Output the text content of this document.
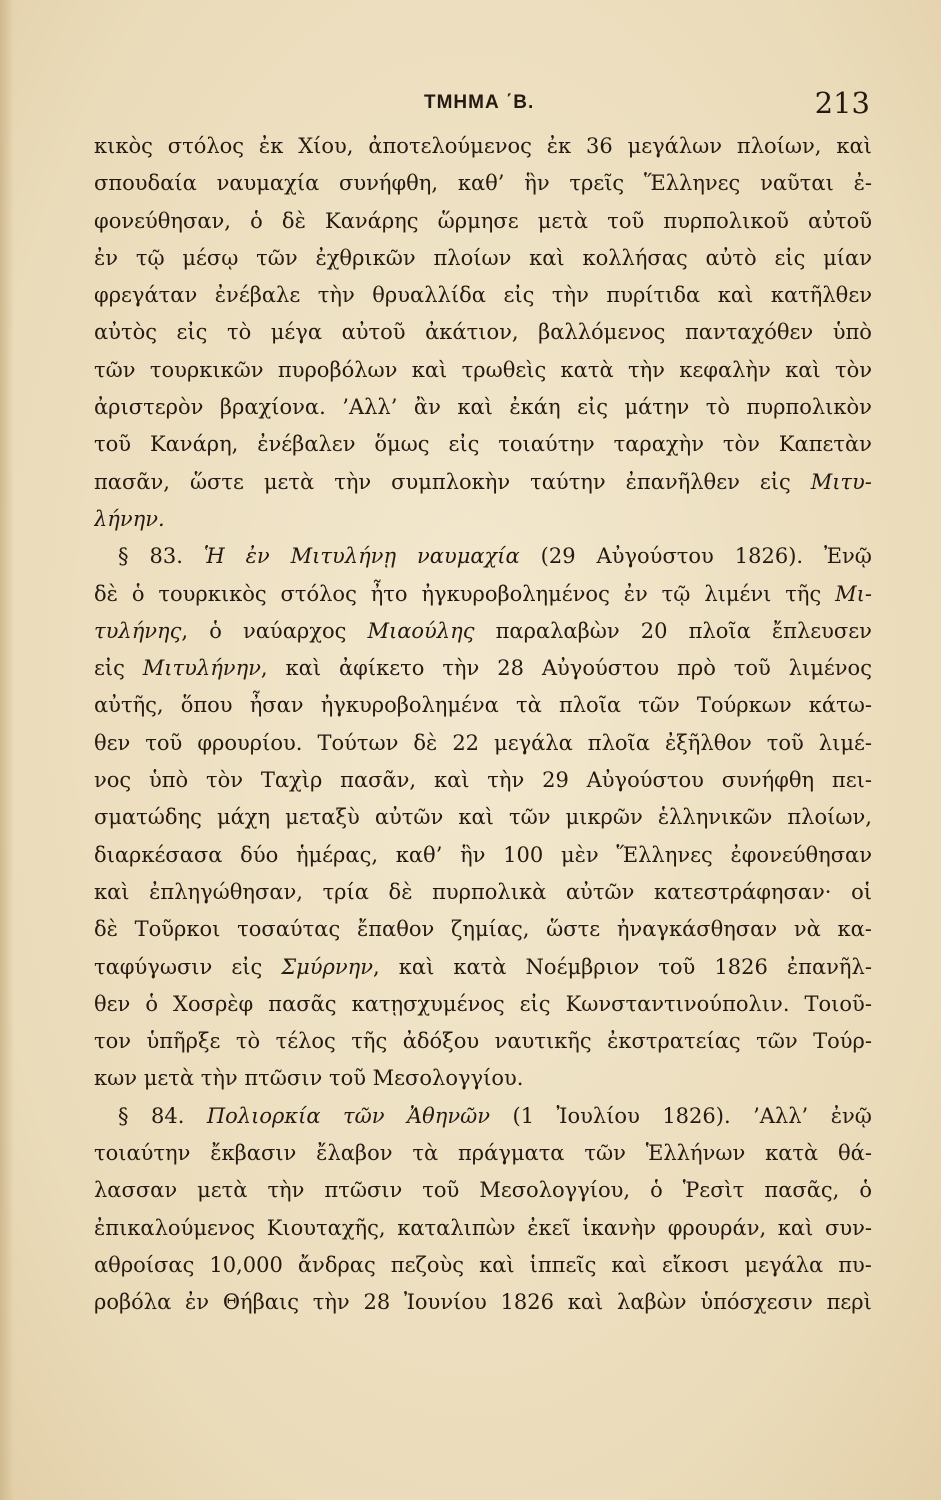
ΤΜΗΜΑ ΄Β.	213
κικὸς στόλος ἐκ Χίου, ἀποτελούμενος ἐκ 36 μεγάλων πλοίων, καὶ
σπουδαία ναυμαχία συνήφθη, καθ’ ἣν τρεῖς Ἕλληνες ναῦται ἐ-
φονεύθησαν, ὁ δὲ Κανάρης ὥρμησε μετὰ τοῦ πυρπολικοῦ αὐτοῦ
ἐν τῷ μέσῳ τῶν ἐχθρικῶν πλοίων καὶ κολλήσας αὐτὸ εἰς μίαν
φρεγάταν ἐνέβαλε τὴν θρυαλλίδα εἰς τὴν πυρίτιδα καὶ κατῆλθεν
αὐτὸς εἰς τὸ μέγα αὐτοῦ ἀκάτιον, βαλλόμενος πανταχόθεν ὑπὸ
τῶν τουρκικῶν πυροβόλων καὶ τρωθεὶς κατὰ τὴν κεφαλὴν καὶ τὸν
ἀριστερὸν βραχίονα. ’Αλλ’ ἂν καὶ ἐκάη εἰς μάτην τὸ πυρπολικὸν
τοῦ Κανάρη, ἐνέβαλεν ὅμως εἰς τοιαύτην ταραχὴν τὸν Καπετὰν
πασᾶν, ὥστε μετὰ τὴν συμπλοκὴν ταύτην ἐπανῆλθεν εἰς Μιτυ-
λήνην.
§ 83. Ἡ ἐν Μιτυλήνῃ ναυμαχία (29 Αὐγούστου 1826). Ἐνῷ
δὲ ὁ τουρκικὸς στόλος ἦτο ἠγκυροβολημένος ἐν τῷ λιμένι τῆς Μι-
τυλήνης, ὁ ναύαρχος Μιαούλης παραλαβὼν 20 πλοῖα ἔπλευσεν
εἰς Μιτυλήνην, καὶ ἀφίκετο τὴν 28 Αὐγούστου πρὸ τοῦ λιμένος
αὐτῆς, ὅπου ἦσαν ἠγκυροβολημένα τὰ πλοῖα τῶν Τούρκων κάτω-
θεν τοῦ φρουρίου. Τούτων δὲ 22 μεγάλα πλοῖα ἐξῆλθον τοῦ λιμέ-
νος ὑπὸ τὸν Ταχὶρ πασᾶν, καὶ τὴν 29 Αὐγούστου συνήφθη πει-
σματώδης μάχη μεταξὺ αὐτῶν καὶ τῶν μικρῶν ἑλληνικῶν πλοίων,
διαρκέσασα δύο ἡμέρας, καθ’ ἣν 100 μὲν Ἕλληνες ἐφονεύθησαν
καὶ ἐπληγώθησαν, τρία δὲ πυρπολικὰ αὐτῶν κατεστράφησαν· οἱ
δὲ Τοῦρκοι τοσαύτας ἔπαθον ζημίας, ὥστε ἠναγκάσθησαν νὰ κα-
ταφύγωσιν εἰς Σμύρνην, καὶ κατὰ Νοέμβριον τοῦ 1826 ἐπανῆλ-
θεν ὁ Χοσρὲφ πασᾶς κατῃσχυμένος εἰς Κωνσταντινούπολιν. Τοιοῦ-
τον ὑπῆρξε τὸ τέλος τῆς ἀδόξου ναυτικῆς ἐκστρατείας τῶν Τούρ-
κων μετὰ τὴν πτῶσιν τοῦ Μεσολογγίου.
§ 84. Πολιορκία τῶν Ἀθηνῶν (1 Ἰουλίου 1826). ’Αλλ’ ἐνῷ
τοιαύτην ἔκβασιν ἔλαβον τὰ πράγματα τῶν Ἑλλήνων κατὰ θά-
λασσαν μετὰ τὴν πτῶσιν τοῦ Μεσολογγίου, ὁ Ῥεσὶτ πασᾶς, ὁ
ἐπικαλούμενος Κιουταχῆς, καταλιπὼν ἐκεῖ ἱκανὴν φρουράν, καὶ συν-
αθροίσας 10,000 ἄνδρας πεζοὺς καὶ ἱππεῖς καὶ εἴκοσι μεγάλα πυ-
ροβόλα ἐν Θήβαις τὴν 28 Ἰουνίου 1826 καὶ λαβὼν ὑπόσχεσιν περὶ
